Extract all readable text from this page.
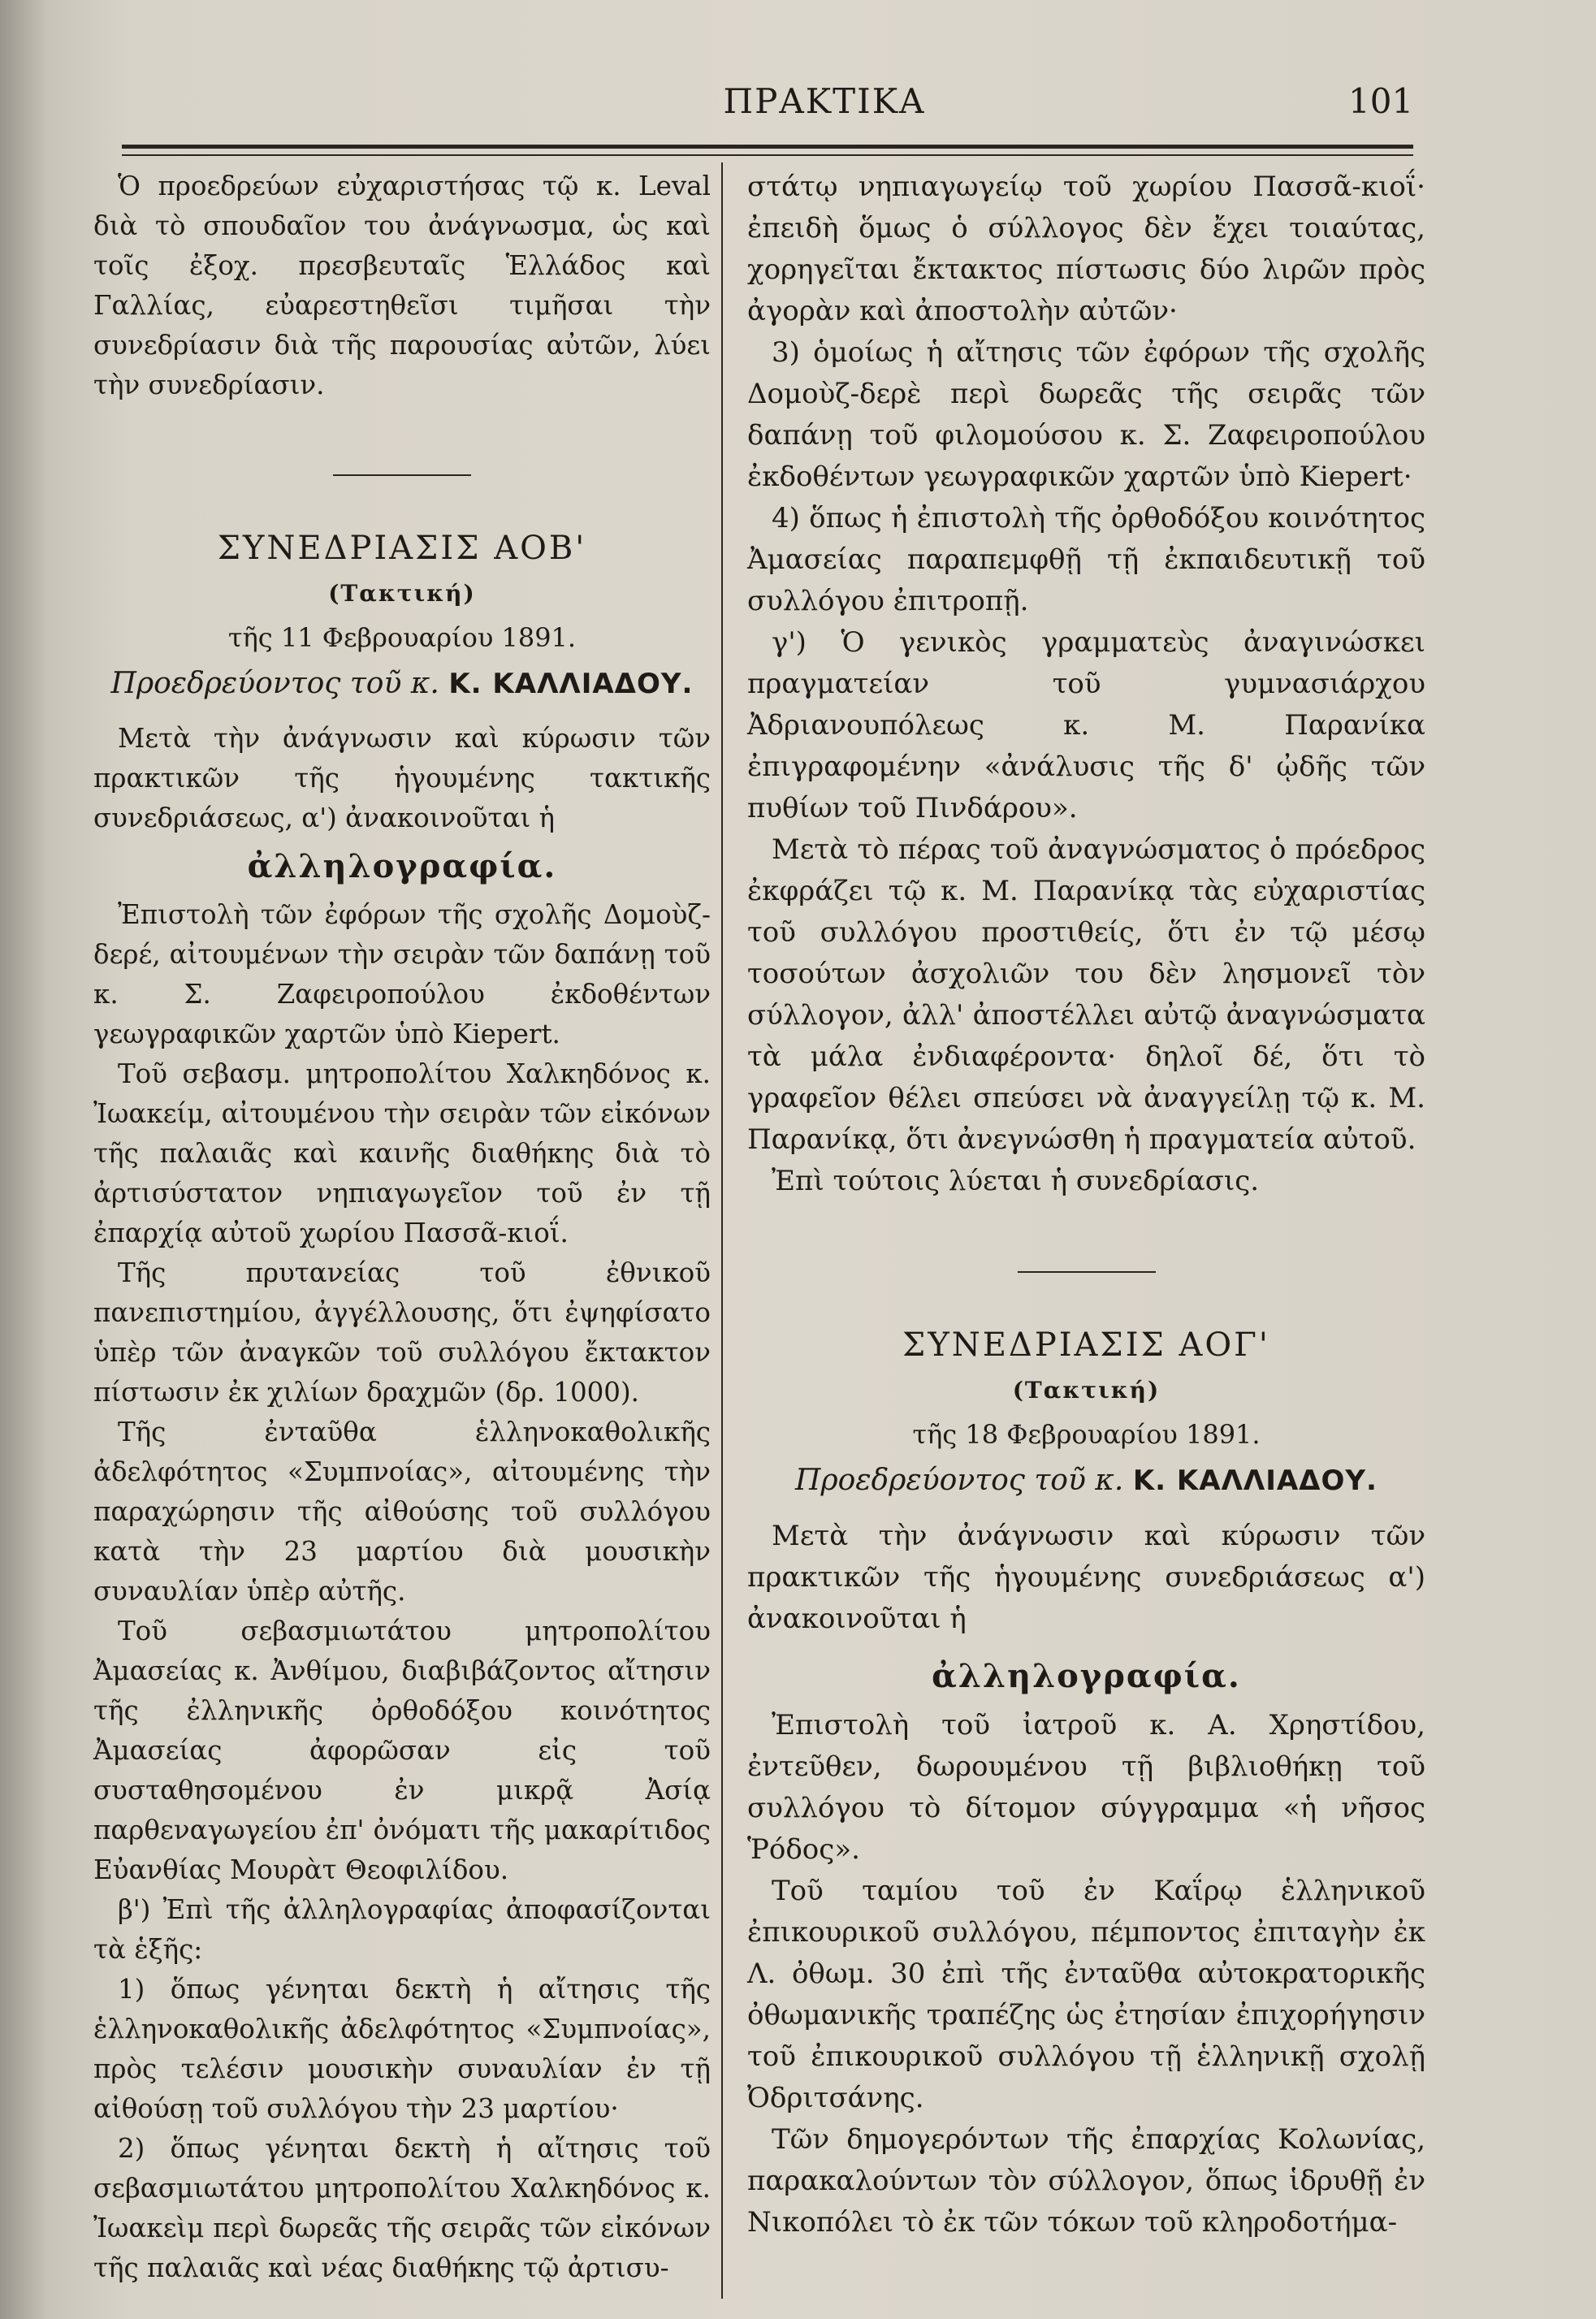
ΠΡΑΚΤΙΚΑ	101

Ὁ προεδρεύων εὐχαριστήσας τῷ κ. Leval διὰ τὸ σπουδαῖον του ἀνάγνωσμα, ὡς καὶ τοῖς ἐξοχ. πρεσβευταῖς Ἑλλάδος καὶ Γαλλίας, εὐαρεστηθεῖσι τιμῆσαι τὴν συνεδρίασιν διὰ τῆς παρουσίας αὐτῶν, λύει τὴν συνεδρίασιν.

ΣΥΝΕΔΡΙΑΣΙΣ ΑΟΒ'
(Τακτική)
τῆς 11 Φεβρουαρίου 1891.
Προεδρεύοντος τοῦ κ. Κ. ΚΑΛΛΙΑΔΟΥ.

Μετὰ τὴν ἀνάγνωσιν καὶ κύρωσιν τῶν πρακτικῶν τῆς ἡγουμένης τακτικῆς συνεδριάσεως, α') ἀνακοινοῦται ἡ

ἀλληλογραφία.

Ἐπιστολὴ τῶν ἐφόρων τῆς σχολῆς Δομοὺζ-δερέ, αἰτουμένων τὴν σειρὰν τῶν δαπάνῃ τοῦ κ. Σ. Ζαφειροπούλου ἐκδοθέντων γεωγραφικῶν χαρτῶν ὑπὸ Kiepert.

Τοῦ σεβασμ. μητροπολίτου Χαλκηδόνος κ. Ἰωακείμ, αἰτουμένου τὴν σειρὰν τῶν εἰκόνων τῆς παλαιᾶς καὶ καινῆς διαθήκης διὰ τὸ ἀρτισύστατον νηπιαγωγεῖον τοῦ ἐν τῇ ἐπαρχίᾳ αὐτοῦ χωρίου Πασσᾶ-κιοΐ.

Τῆς πρυτανείας τοῦ ἐθνικοῦ πανεπιστημίου, ἀγγέλλουσης, ὅτι ἐψηφίσατο ὑπὲρ τῶν ἀναγκῶν τοῦ συλλόγου ἔκτακτον πίστωσιν ἐκ χιλίων δραχμῶν (δρ. 1000).

Τῆς ἐνταῦθα ἑλληνοκαθολικῆς ἀδελφότητος «Συμπνοίας», αἰτουμένης τὴν παραχώρησιν τῆς αἰθούσης τοῦ συλλόγου κατὰ τὴν 23 μαρτίου διὰ μουσικὴν συναυλίαν ὑπὲρ αὐτῆς.

Τοῦ σεβασμιωτάτου μητροπολίτου Ἀμασείας κ. Ἀνθίμου, διαβιβάζοντος αἴτησιν τῆς ἐλληνικῆς ὀρθοδόξου κοινότητος Ἀμασείας ἀφορῶσαν εἰς τοῦ συσταθησομένου ἐν μικρᾷ Ἀσίᾳ παρθεναγωγείου ἐπ' ὀνόματι τῆς μακαρίτιδος Εὐανθίας Μουρὰτ Θεοφιλίδου.

β') Ἐπὶ τῆς ἀλληλογραφίας ἀποφασίζονται τὰ ἑξῆς:

1) ὅπως γένηται δεκτὴ ἡ αἴτησις τῆς ἑλληνοκαθολικῆς ἀδελφότητος «Συμπνοίας», πρὸς τελέσιν μουσικὴν συναυλίαν ἐν τῇ αἰθούσῃ τοῦ συλλόγου τὴν 23 μαρτίου·

2) ὅπως γένηται δεκτὴ ἡ αἴτησις τοῦ σεβασμιωτάτου μητροπολίτου Χαλκηδόνος κ. Ἰωακεὶμ περὶ δωρεᾶς τῆς σειρᾶς τῶν εἰκόνων τῆς παλαιᾶς καὶ νέας διαθήκης τῷ ἀρτισυ-

στάτῳ νηπιαγωγείῳ τοῦ χωρίου Πασσᾶ-κιοΐ· ἐπειδὴ ὅμως ὁ σύλλογος δὲν ἔχει τοιαύτας, χορηγεῖται ἔκτακτος πίστωσις δύο λιρῶν πρὸς ἀγορὰν καὶ ἀποστολὴν αὐτῶν·

3) ὁμοίως ἡ αἴτησις τῶν ἐφόρων τῆς σχολῆς Δομοὺζ-δερὲ περὶ δωρεᾶς τῆς σειρᾶς τῶν δαπάνῃ τοῦ φιλομούσου κ. Σ. Ζαφειροπούλου ἐκδοθέντων γεωγραφικῶν χαρτῶν ὑπὸ Kiepert·

4) ὅπως ἡ ἐπιστολὴ τῆς ὀρθοδόξου κοινότητος Ἀμασείας παραπεμφθῇ τῇ ἐκπαιδευτικῇ τοῦ συλλόγου ἐπιτροπῇ.

γ') Ὁ γενικὸς γραμματεὺς ἀναγινώσκει πραγματείαν τοῦ γυμνασιάρχου Ἀδριανουπόλεως κ. Μ. Παρανίκα ἐπιγραφομένην «ἀνάλυσις τῆς δ' ᾠδῆς τῶν πυθίων τοῦ Πινδάρου».

Μετὰ τὸ πέρας τοῦ ἀναγνώσματος ὁ πρόεδρος ἐκφράζει τῷ κ. Μ. Παρανίκᾳ τὰς εὐχαριστίας τοῦ συλλόγου προστιθείς, ὅτι ἐν τῷ μέσῳ τοσούτων ἀσχολιῶν του δὲν λησμονεῖ τὸν σύλλογον, ἀλλ' ἀποστέλλει αὐτῷ ἀναγνώσματα τὰ μάλα ἐνδιαφέροντα· δηλοῖ δέ, ὅτι τὸ γραφεῖον θέλει σπεύσει νὰ ἀναγγείλῃ τῷ κ. Μ. Παρανίκᾳ, ὅτι ἀνεγνώσθη ἡ πραγματεία αὐτοῦ.

Ἐπὶ τούτοις λύεται ἡ συνεδρίασις.

ΣΥΝΕΔΡΙΑΣΙΣ ΑΟΓ'
(Τακτική)
τῆς 18 Φεβρουαρίου 1891.
Προεδρεύοντος τοῦ κ. Κ. ΚΑΛΛΙΑΔΟΥ.

Μετὰ τὴν ἀνάγνωσιν καὶ κύρωσιν τῶν πρακτικῶν τῆς ἡγουμένης συνεδριάσεως α') ἀνακοινοῦται ἡ

ἀλληλογραφία.

Ἐπιστολὴ τοῦ ἰατροῦ κ. Α. Χρηστίδου, ἐντεῦθεν, δωρουμένου τῇ βιβλιοθήκῃ τοῦ συλλόγου τὸ δίτομον σύγγραμμα «ἡ νῆσος Ῥόδος».

Τοῦ ταμίου τοῦ ἐν Καΐρῳ ἑλληνικοῦ ἐπικουρικοῦ συλλόγου, πέμποντος ἐπιταγὴν ἐκ Λ. ὀθωμ. 30 ἐπὶ τῆς ἐνταῦθα αὐτοκρατορικῆς ὀθωμανικῆς τραπέζης ὡς ἐτησίαν ἐπιχορήγησιν τοῦ ἐπικουρικοῦ συλλόγου τῇ ἑλληνικῇ σχολῇ Ὀδριτσάνης.

Τῶν δημογερόντων τῆς ἐπαρχίας Κολωνίας, παρακαλούντων τὸν σύλλογον, ὅπως ἱδρυθῇ ἐν Νικοπόλει τὸ ἐκ τῶν τόκων τοῦ κληροδοτήμα-
